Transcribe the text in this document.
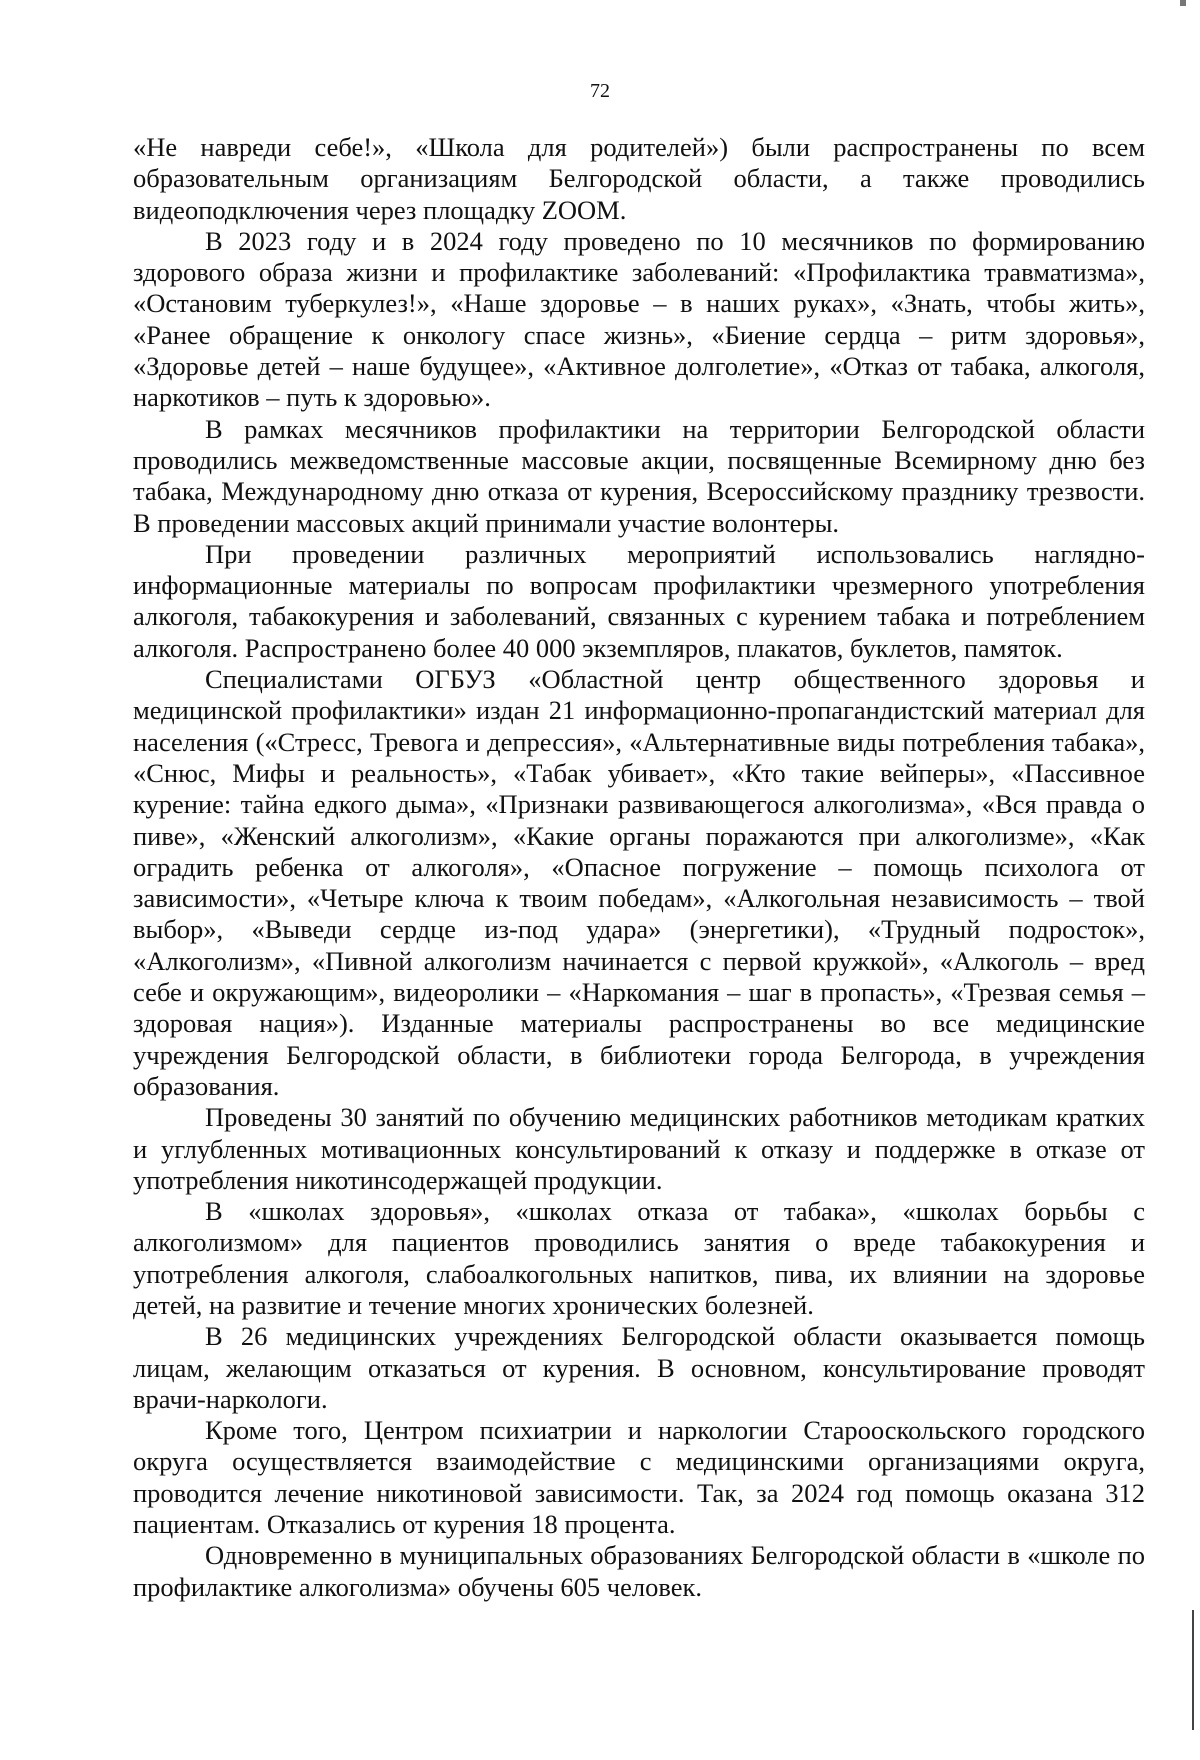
72

«Не навреди себе!», «Школа для родителей») были распространены по всем образовательным организациям Белгородской области, а также проводились видеоподключения через площадку ZOOM.

В 2023 году и в 2024 году проведено по 10 месячников по формированию здорового образа жизни и профилактике заболеваний: «Профилактика травматизма», «Остановим туберкулез!», «Наше здоровье – в наших руках», «Знать, чтобы жить», «Ранее обращение к онкологу спасе жизнь», «Биение сердца – ритм здоровья», «Здоровье детей – наше будущее», «Активное долголетие», «Отказ от табака, алкоголя, наркотиков – путь к здоровью».

В рамках месячников профилактики на территории Белгородской области проводились межведомственные массовые акции, посвященные Всемирному дню без табака, Международному дню отказа от курения, Всероссийскому празднику трезвости. В проведении массовых акций принимали участие волонтеры.

При проведении различных мероприятий использовались наглядно-информационные материалы по вопросам профилактики чрезмерного употребления алкоголя, табакокурения и заболеваний, связанных с курением табака и потреблением алкоголя. Распространено более 40 000 экземпляров, плакатов, буклетов, памяток.

Специалистами ОГБУЗ «Областной центр общественного здоровья и медицинской профилактики» издан 21 информационно-пропагандистский материал для населения («Стресс, Тревога и депрессия», «Альтернативные виды потребления табака», «Снюс, Мифы и реальность», «Табак убивает», «Кто такие вейперы», «Пассивное курение: тайна едкого дыма», «Признаки развивающегося алкоголизма», «Вся правда о пиве», «Женский алкоголизм», «Какие органы поражаются при алкоголизме», «Как оградить ребенка от алкоголя», «Опасное погружение – помощь психолога от зависимости», «Четыре ключа к твоим победам», «Алкогольная независимость – твой выбор», «Выведи сердце из-под удара» (энергетики), «Трудный подросток», «Алкоголизм», «Пивной алкоголизм начинается с первой кружкой», «Алкоголь – вред себе и окружающим», видеоролики – «Наркомания – шаг в пропасть», «Трезвая семья – здоровая нация»). Изданные материалы распространены во все медицинские учреждения Белгородской области, в библиотеки города Белгорода, в учреждения образования.

Проведены 30 занятий по обучению медицинских работников методикам кратких и углубленных мотивационных консультирований к отказу и поддержке в отказе от употребления никотинсодержащей продукции.

В «школах здоровья», «школах отказа от табака», «школах борьбы с алкоголизмом» для пациентов проводились занятия о вреде табакокурения и употребления алкоголя, слабоалкогольных напитков, пива, их влиянии на здоровье детей, на развитие и течение многих хронических болезней.

В 26 медицинских учреждениях Белгородской области оказывается помощь лицам, желающим отказаться от курения. В основном, консультирование проводят врачи-наркологи.

Кроме того, Центром психиатрии и наркологии Старооскольского городского округа осуществляется взаимодействие с медицинскими организациями округа, проводится лечение никотиновой зависимости. Так, за 2024 год помощь оказана 312 пациентам. Отказались от курения 18 процента.

Одновременно в муниципальных образованиях Белгородской области в «школе по профилактике алкоголизма» обучены 605 человек.
